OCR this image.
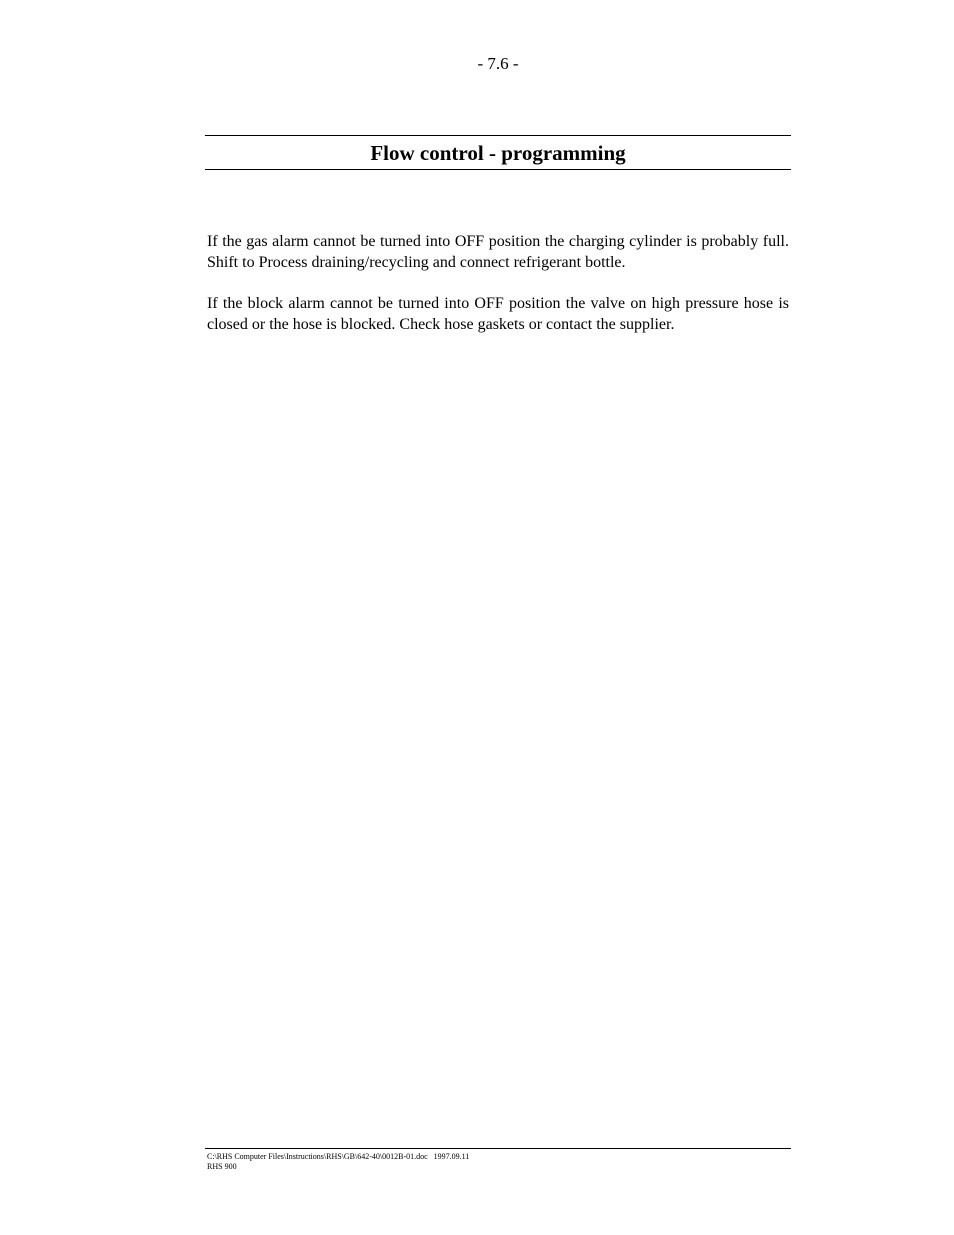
- 7.6 -
Flow control - programming
If the gas alarm cannot be turned into OFF position the charging cylinder is probably full. Shift to Process draining/recycling and connect refrigerant bottle.
If the block alarm cannot be turned into OFF position the valve on high pressure hose is closed or the hose is blocked. Check hose gaskets or contact the supplier.
C:\RHS Computer Files\Instructions\RHS\GB\642-40\0012B-01.doc   1997.09.11
RHS 900
